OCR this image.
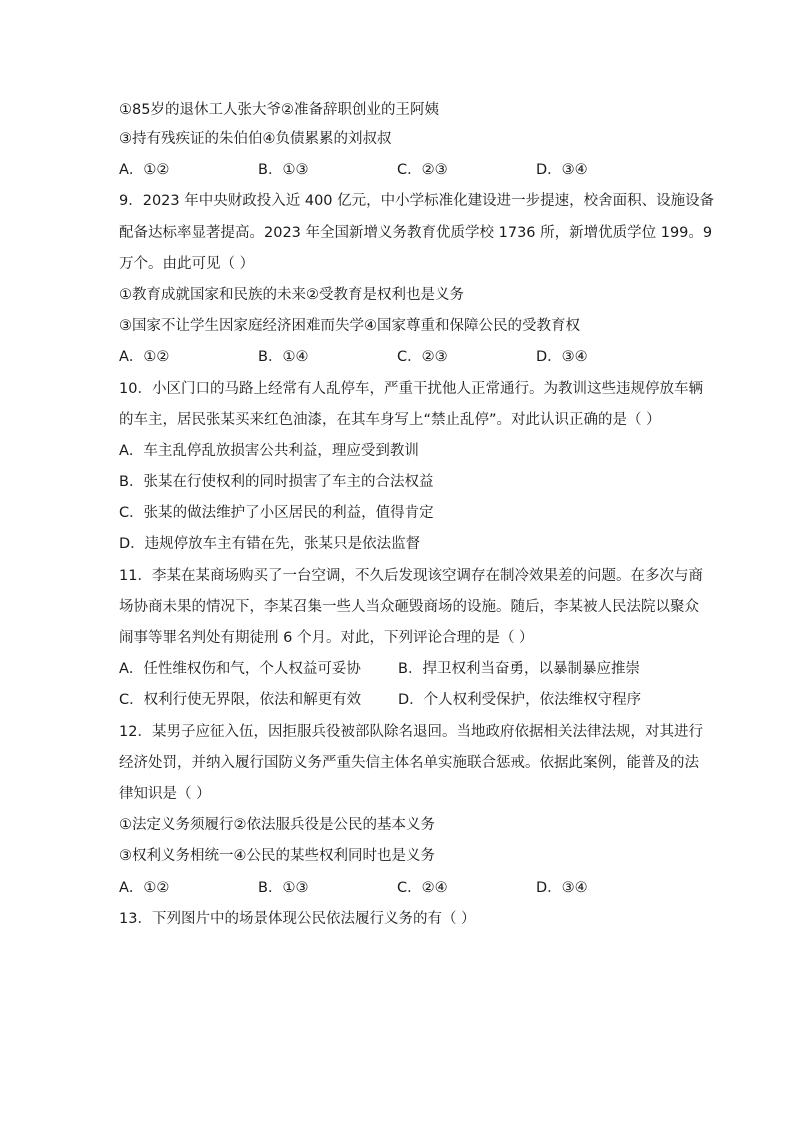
①85岁的退休工人张大爷②准备辞职创业的王阿姨
③持有残疾证的朱伯伯④负债累累的刘叔叔
A．①②	B．①③	C．②③	D．③④
9．2023 年中央财政投入近 400 亿元，中小学标准化建设进一步提速，校舍面积、设施设备
配备达标率显著提高。2023 年全国新增义务教育优质学校 1736 所，新增优质学位 199。9
万个。由此可见（ ）
①教育成就国家和民族的未来②受教育是权利也是义务
③国家不让学生因家庭经济困难而失学④国家尊重和保障公民的受教育权
A．①②	B．①④	C．②③	D．③④
10．小区门口的马路上经常有人乱停车，严重干扰他人正常通行。为教训这些违规停放车辆
的车主，居民张某买来红色油漆，在其车身写上“禁止乱停”。对此认识正确的是（ ）
A．车主乱停乱放损害公共利益，理应受到教训
B．张某在行使权利的同时损害了车主的合法权益
C．张某的做法维护了小区居民的利益，值得肯定
D．违规停放车主有错在先，张某只是依法监督
11．李某在某商场购买了一台空调，不久后发现该空调存在制冷效果差的问题。在多次与商
场协商未果的情况下，李某召集一些人当众砸毁商场的设施。随后，李某被人民法院以聚众
闹事等罪名判处有期徒刑 6 个月。对此，下列评论合理的是（ ）
A．任性维权伤和气，个人权益可妥协	B．捍卫权利当奋勇，以暴制暴应推崇
C．权利行使无界限，依法和解更有效	D．个人权利受保护，依法维权守程序
12．某男子应征入伍，因拒服兵役被部队除名退回。当地政府依据相关法律法规，对其进行
经济处罚，并纳入履行国防义务严重失信主体名单实施联合惩戒。依据此案例，能普及的法
律知识是（ ）
①法定义务须履行②依法服兵役是公民的基本义务
③权利义务相统一④公民的某些权利同时也是义务
A．①②	B．①③	C．②④	D．③④
13．下列图片中的场景体现公民依法履行义务的有（ ）
